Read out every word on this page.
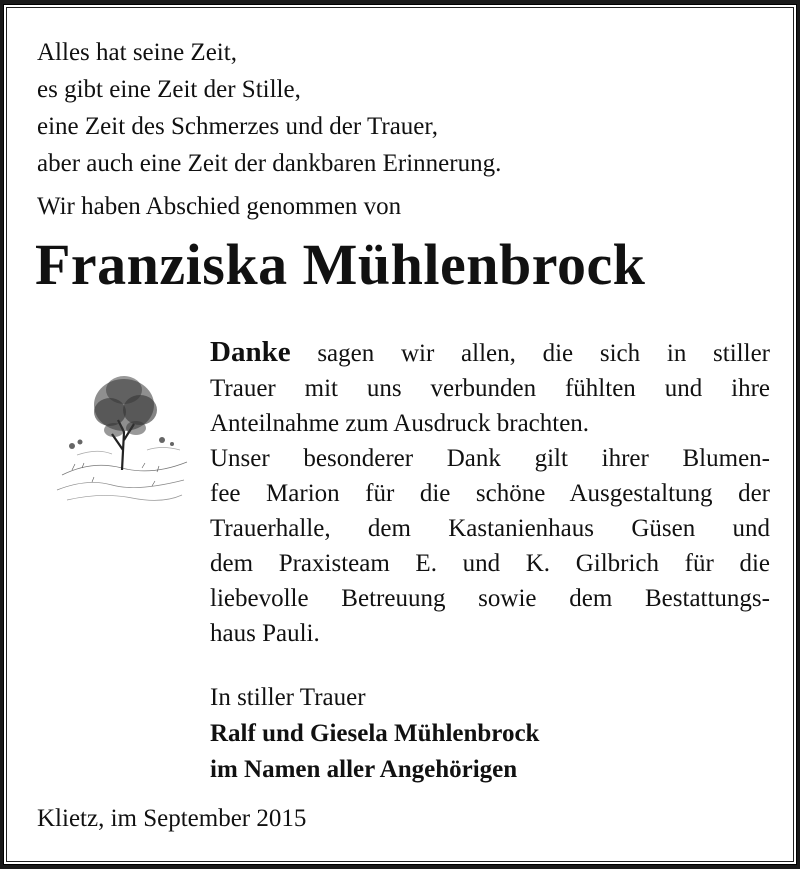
Alles hat seine Zeit,
es gibt eine Zeit der Stille,
eine Zeit des Schmerzes und der Trauer,
aber auch eine Zeit der dankbaren Erinnerung.
Wir haben Abschied genommen von
Franziska Mühlenbrock
Danke sagen wir allen, die sich in stiller
Trauer mit uns verbunden fühlten und ihre
Anteilnahme zum Ausdruck brachten.
Unser besonderer Dank gilt ihrer Blumen-
fee Marion für die schöne Ausgestaltung der
Trauerhalle, dem Kastanienhaus Güsen und
dem Praxisteam E. und K. Gilbrich für die
liebevolle Betreuung sowie dem Bestattungs-
haus Pauli.
In stiller Trauer
Ralf und Giesela Mühlenbrock
im Namen aller Angehörigen
Klietz, im September 2015
